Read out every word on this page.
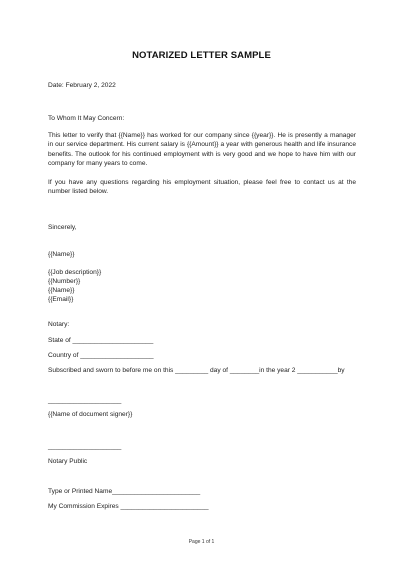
NOTARIZED LETTER SAMPLE
Date: February 2, 2022
To Whom It May Concern:
This letter to verify that {{Name}} has worked for our company since {{year}}. He is presently a manager in our service department. His current salary is {{Amount}} a year with generous health and life insurance benefits. The outlook for his continued employment with is very good and we hope to have him with our company for many years to come.
If you have any questions regarding his employment situation, please feel free to contact us at the number listed below.
Sincerely,
{{Name}}
{{Job description}}
{{Number}}
{{Name}}
{{Email}}
Notary:
State of ______________________
Country of ____________________
Subscribed and sworn to before me on this _________ day of ________in the year 2 ___________by
____________________
{{Name of document signer}}
____________________
Notary Public
Type or Printed Name________________________
My Commission Expires ________________________
Page 1 of 1
